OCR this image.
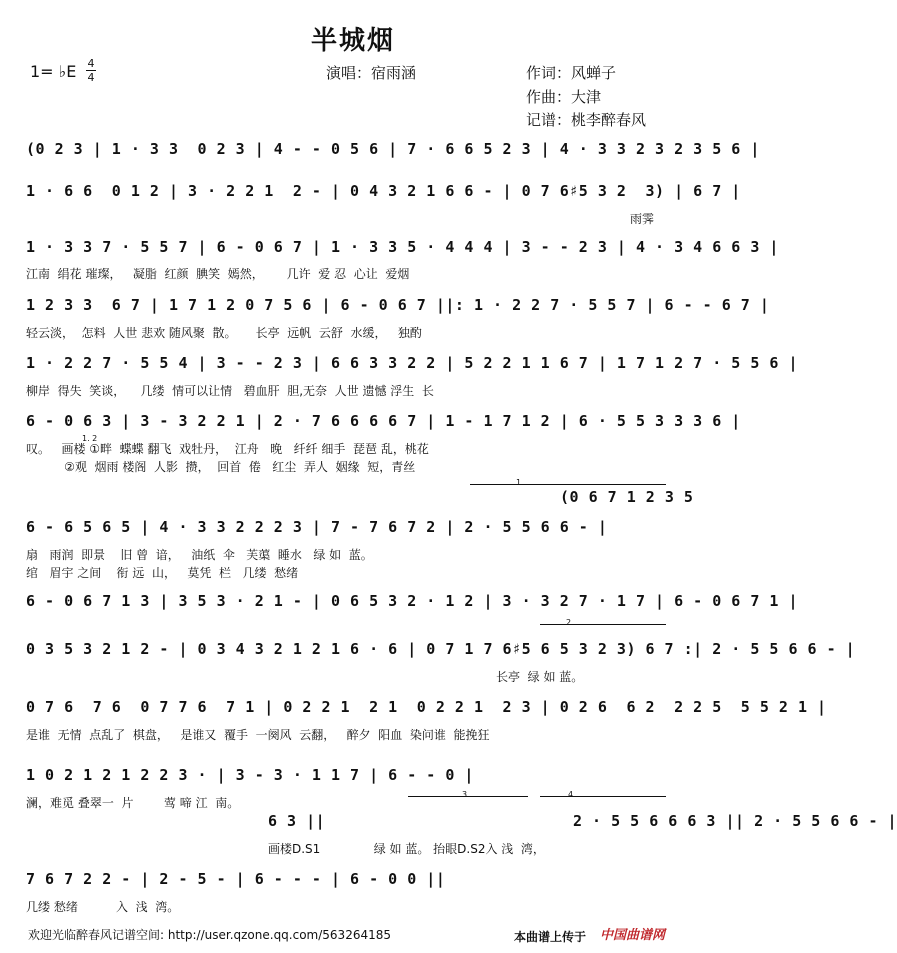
半城烟
1= ♭E 4
4	演唱：宿雨涵	作词：风蝉子
作曲：大津
记谱：桃李醉春风
(0 2 3 | 1 · 3 3  0 2 3 | 4 - - 0 5 6 | 7 · 6 6 5 2 3 | 4 · 3 3 2 3 2 3 5 6 |
1 · 6 6  0 1 2 | 3 · 2 2 1  2 - | 0 4 3 2 1 6 6 - | 0 7 6♯5 3 2  3) | 6 7 |
雨霁
1 · 3 3 7 · 5 5 7 | 6 - 0 6 7 | 1 · 3 3 5 · 4 4 4 | 3 - - 2 3 | 4 · 3 4 6 6 3 |
江南  绢花 璀璨，   凝脂  红颜  腆笑  嫣然，      几许  爱 忍  心让  爱烟
1 2 3 3  6 7 | 1 7 1 2 0 7 5 6 | 6 - 0 6 7 ||: 1 · 2 2 7 · 5 5 7 | 6 - - 6 7 |
轻云淡，  怎料  人世 悲欢 随风聚  散。     长亭  远帆  云舒  水缓，   独酌
1 · 2 2 7 · 5 5 4 | 3 - - 2 3 | 6 6 3 3 2 2 | 5 2 2 1 1 6 7 | 1 7 1 2 7 · 5 5 6 |
柳岸  得失  笑谈，    几缕  情可以让情   碧血肝  胆,无奈  人世 遗憾 浮生  长
6 - 0 6 3 | 3 - 3 2 2 1 | 2 · 7 6 6 6 6 7 | 1 - 1 7 1 2 | 6 · 5 5 3 3 3 6 |
1. 2
叹。   画楼 ①畔  蝶蝶 翻飞  戏牡丹，  江舟   晚   纤纤 细手  琵琶 乱，桃花
②观  烟雨 楼阁  人影  攒，  回首  倦   红尘  弄人  姻缘  短，青丝
1
(0 6 7 1 2 3 5
6 - 6 5 6 5 | 4 · 3 3 2 2 2 3 | 7 - 7 6 7 2 | 2 · 5 5 6 6 - |
扇   雨润  即景    旧 曾  谙，   油纸  伞   芙蕖  睡水   绿 如  蓝。
绾   眉宇 之间    衔 远  山，   莫凭  栏   几缕  愁绪
6 - 0 6 7 1 3 | 3 5 3 · 2 1 - | 0 6 5 3 2 · 1 2 | 3 · 3 2 7 · 1 7 | 6 - 0 6 7 1 |
2
0 3 5 3 2 1 2 - | 0 3 4 3 2 1 2 1 6 · 6 | 0 7 1 7 6♯5 6 5 3 2 3) 6 7 :| 2 · 5 5 6 6 - |
长亭  绿 如 蓝。
0 7 6  7 6  0 7 7 6  7 1 | 0 2 2 1  2 1  0 2 2 1  2 3 | 0 2 6  6 2  2 2 5  5 5 2 1 |
是谁  无情  点乱了  棋盘，   是谁又  覆手  一阕风  云翻，   醉夕  阳血  染问谁  能挽狂
1 0 2 1 2 1 2 2 3 · | 3 - 3 · 1 1 7 | 6 - - 0 |
澜，难觅 叠翠一  片        莺 啼 江  南。
3	4
6 3 ||                          2 · 5 5 6 6 6 3 || 2 · 5 5 6 6 - |
画楼D.S1              绿 如 蓝。 抬眼D.S2入 浅  湾，
7 6 7 2 2 - | 2 - 5 - | 6 - - - | 6 - 0 0 ||
几缕 愁绪          入  浅  湾。
欢迎光临醉春风记谱空间: http://user.qzone.qq.com/563264185	本曲谱上传于 中国曲谱网
